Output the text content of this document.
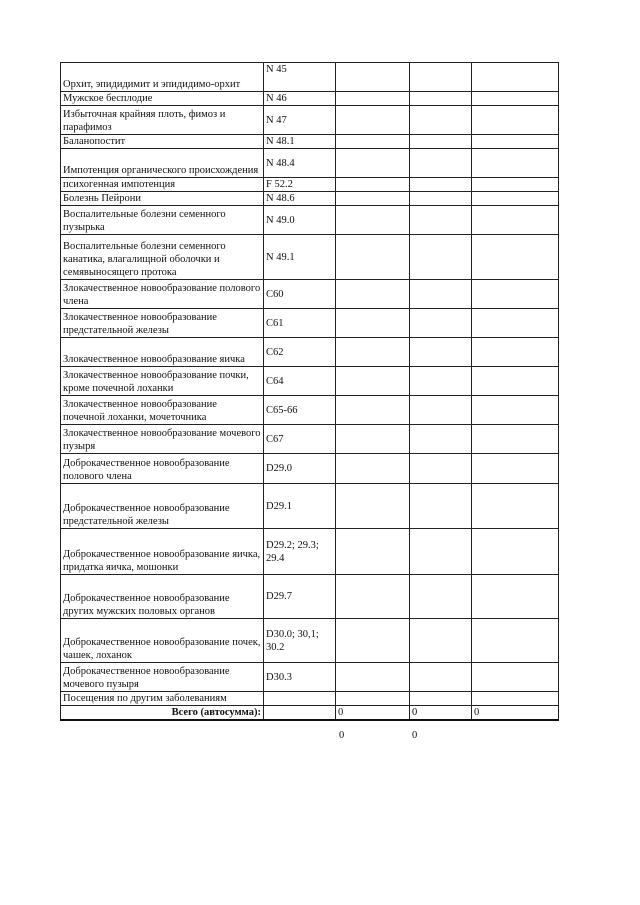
Орхит, эпидидимит и эпидидимо-орхит	N 45			
Мужское бесплодие	N 46			
Избыточная крайняя плоть, фимоз и парафимоз	N 47			
Баланопостит	N 48.1			
Импотенция органического происхождения	N 48.4			
психогенная импотенция	F 52.2			
Болезнь Пейрони	N 48.6			
Воспалительные болезни семенного пузырька	N 49.0			
Воспалительные болезни семенного канатика, влагалищной оболочки и семявыносящего протока	N 49.1			
Злокачественное новообразование полового члена	C60			
Злокачественное новообразование предстательной железы	C61			
Злокачественное новообразование яичка	C62			
Злокачественное новообразование почки, кроме почечной лоханки	C64			
Злокачественное новообразование почечной лоханки, мочеточника	C65-66			
Злокачественное новообразование мочевого пузыря	C67			
Доброкачественное новообразование полового члена	D29.0			
Доброкачественное новообразование предстательной железы	D29.1			
Доброкачественное новообразование яичка, придатка яичка, мошонки	D29.2; 29.3; 29.4			
Доброкачественное новообразование других мужских половых органов	D29.7			
Доброкачественное новообразование почек, чашек, лоханок	D30.0; 30,1; 30.2			
Доброкачественное новообразование мочевого пузыря	D30.3			
Посещения по другим заболеваниям				
Всего (автосумма):		0	0	0
0	0
